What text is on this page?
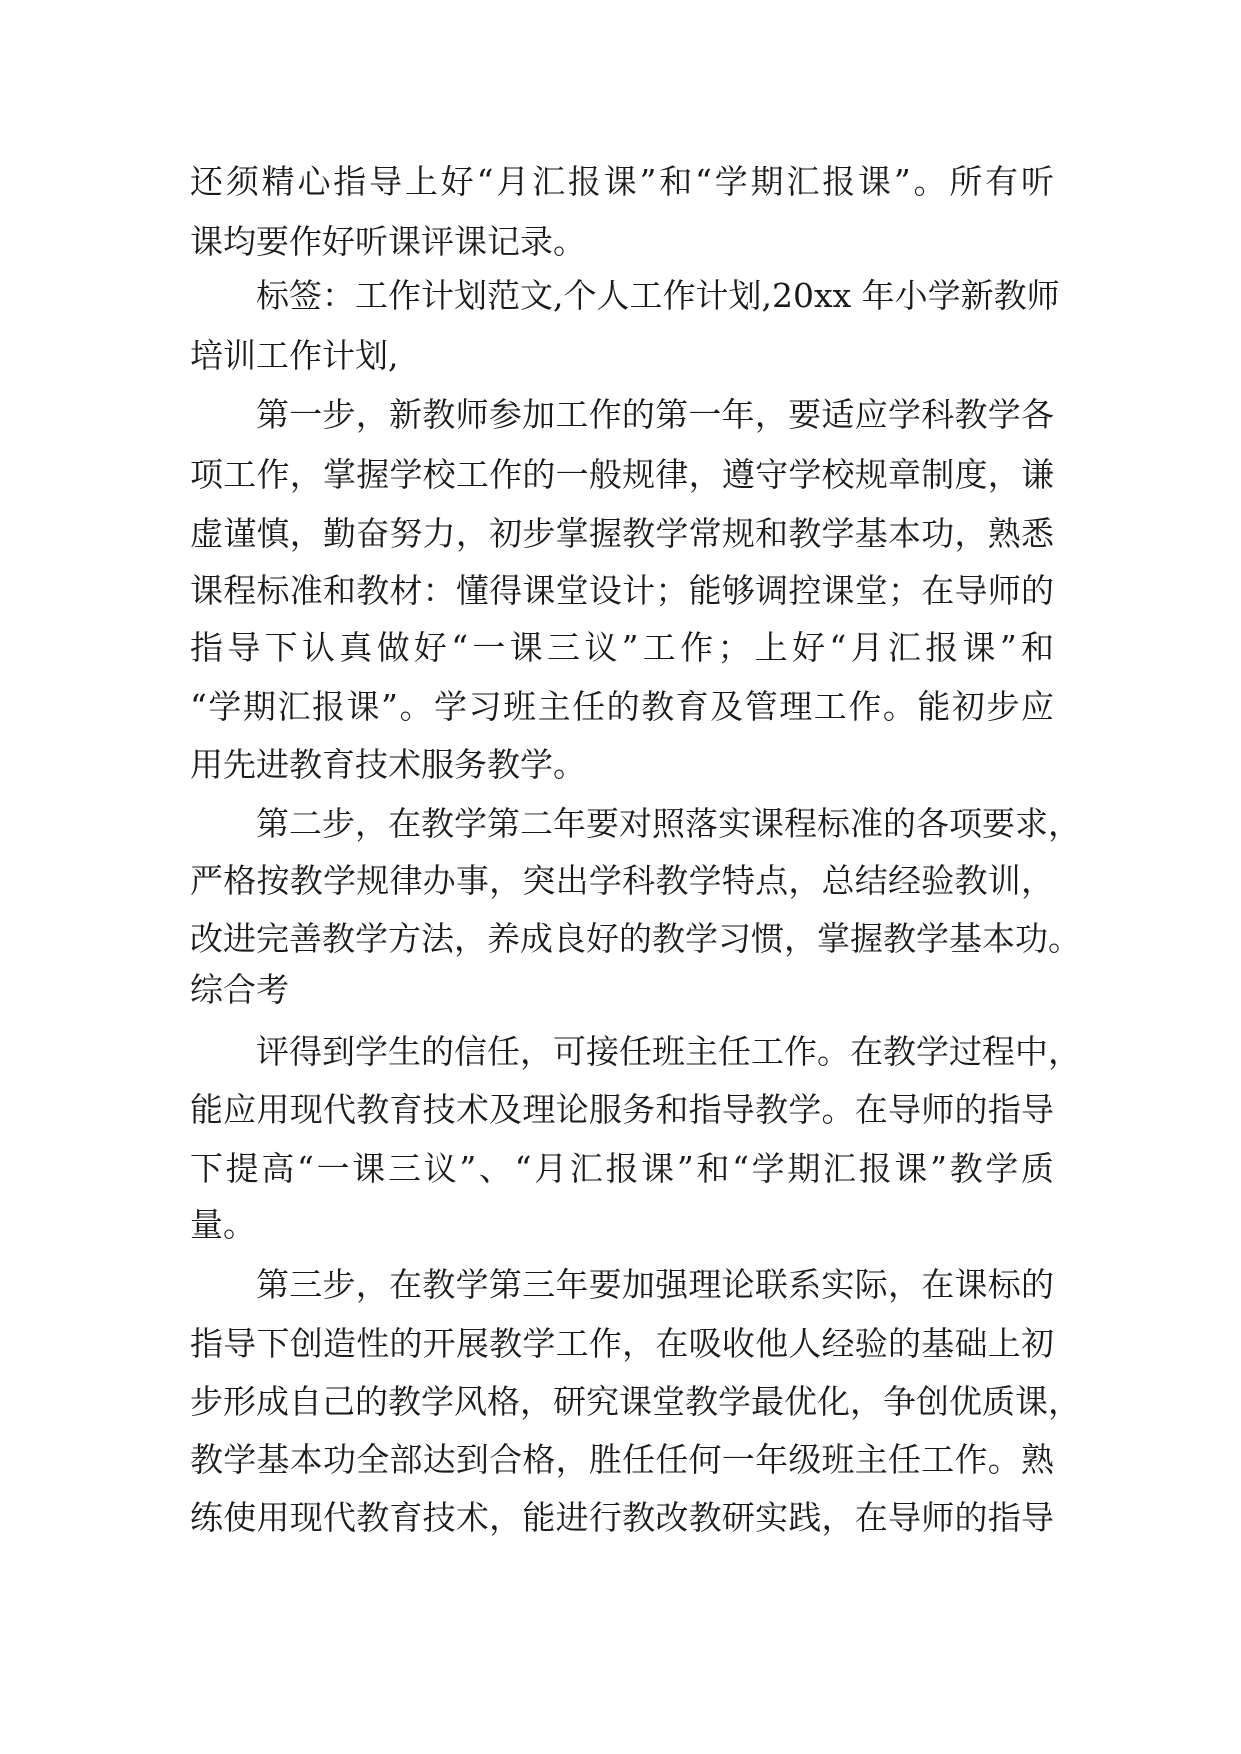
还须精心指导上好“月汇报课”和“学期汇报课”。所有听
课均要作好听课评课记录。
标签：工作计划范文,个人工作计划,20xx 年小学新教师
培训工作计划,
第一步，新教师参加工作的第一年，要适应学科教学各
项工作，掌握学校工作的一般规律，遵守学校规章制度，谦
虚谨慎，勤奋努力，初步掌握教学常规和教学基本功，熟悉
课程标准和教材：懂得课堂设计；能够调控课堂；在导师的
指导下认真做好“一课三议”工作；上好“月汇报课”和
“学期汇报课”。学习班主任的教育及管理工作。能初步应
用先进教育技术服务教学。
第二步，在教学第二年要对照落实课程标准的各项要求，
严格按教学规律办事，突出学科教学特点，总结经验教训，
改进完善教学方法，养成良好的教学习惯，掌握教学基本功。
综合考
评得到学生的信任，可接任班主任工作。在教学过程中，
能应用现代教育技术及理论服务和指导教学。在导师的指导
下提高“一课三议”、“月汇报课”和“学期汇报课”教学质
量。
第三步，在教学第三年要加强理论联系实际，在课标的
指导下创造性的开展教学工作，在吸收他人经验的基础上初
步形成自己的教学风格，研究课堂教学最优化，争创优质课，
教学基本功全部达到合格，胜任任何一年级班主任工作。熟
练使用现代教育技术，能进行教改教研实践，在导师的指导
